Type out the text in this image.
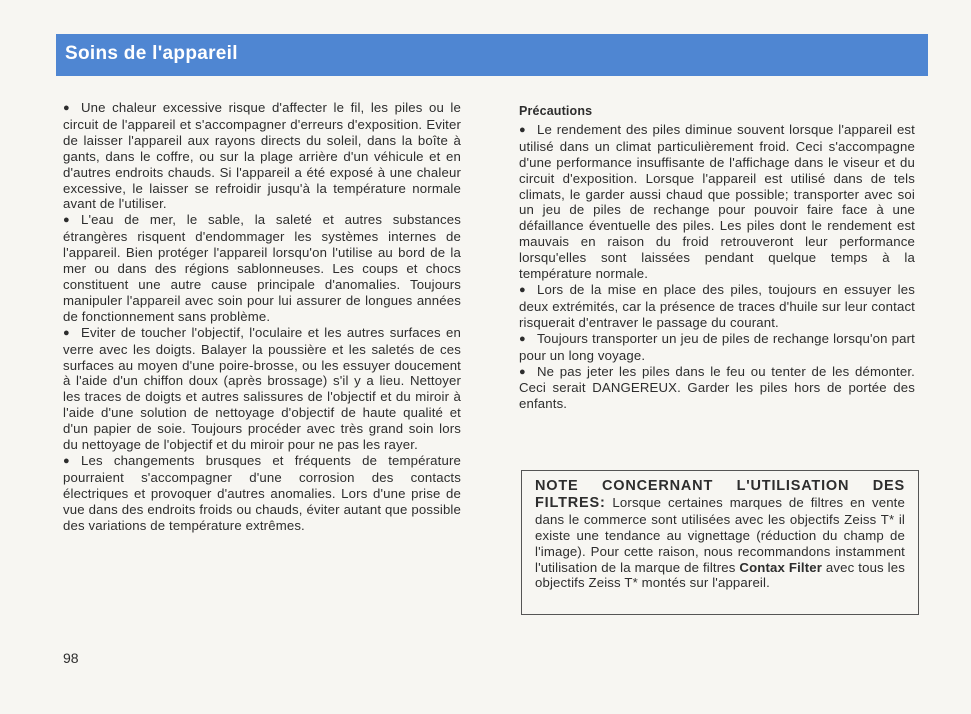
Soins de l'appareil

● Une chaleur excessive risque d'affecter le fil, les piles ou le circuit de l'appareil et s'accompagner d'erreurs d'exposition. Eviter de laisser l'appareil aux rayons directs du soleil, dans la boîte à gants, dans le coffre, ou sur la plage arrière d'un véhicule et en d'autres endroits chauds. Si l'appareil a été exposé à une chaleur excessive, le laisser se refroidir jusqu'à la température normale avant de l'utiliser.

● L'eau de mer, le sable, la saleté et autres substances étrangères risquent d'endommager les systèmes internes de l'appareil. Bien protéger l'appareil lorsqu'on l'utilise au bord de la mer ou dans des régions sablonneuses. Les coups et chocs constituent une autre cause principale d'anomalies. Toujours manipuler l'appareil avec soin pour lui assurer de longues années de fonctionnement sans problème.

● Eviter de toucher l'objectif, l'oculaire et les autres surfaces en verre avec les doigts. Balayer la poussière et les saletés de ces surfaces au moyen d'une poire-brosse, ou les essuyer doucement à l'aide d'un chiffon doux (après brossage) s'il y a lieu. Nettoyer les traces de doigts et autres salissures de l'objectif et du miroir à l'aide d'une solution de nettoyage d'objectif de haute qualité et d'un papier de soie. Toujours procéder avec très grand soin lors du nettoyage de l'objectif et du miroir pour ne pas les rayer.

● Les changements brusques et fréquents de température pourraient s'accompagner d'une corrosion des contacts électriques et provoquer d'autres anomalies. Lors d'une prise de vue dans des endroits froids ou chauds, éviter autant que possible des variations de température extrêmes.

Précautions

● Le rendement des piles diminue souvent lorsque l'appareil est utilisé dans un climat particulièrement froid. Ceci s'accompagne d'une performance insuffisante de l'affichage dans le viseur et du circuit d'exposition. Lorsque l'appareil est utilisé dans de tels climats, le garder aussi chaud que possible; transporter avec soi un jeu de piles de rechange pour pouvoir faire face à une défaillance éventuelle des piles. Les piles dont le rendement est mauvais en raison du froid retrouveront leur performance lorsqu'elles sont laissées pendant quelque temps à la température normale.

● Lors de la mise en place des piles, toujours en essuyer les deux extrémités, car la présence de traces d'huile sur leur contact risquerait d'entraver le passage du courant.

● Toujours transporter un jeu de piles de rechange lorsqu'on part pour un long voyage.

● Ne pas jeter les piles dans le feu ou tenter de les démonter. Ceci serait DANGEREUX. Garder les piles hors de portée des enfants.

NOTE CONCERNANT L'UTILISATION DES FILTRES: Lorsque certaines marques de filtres en vente dans le commerce sont utilisées avec les objectifs Zeiss T* il existe une tendance au vignettage (réduction du champ de l'image). Pour cette raison, nous recommandons instamment l'utilisation de la marque de filtres Contax Filter avec tous les objectifs Zeiss T* montés sur l'appareil.
98
